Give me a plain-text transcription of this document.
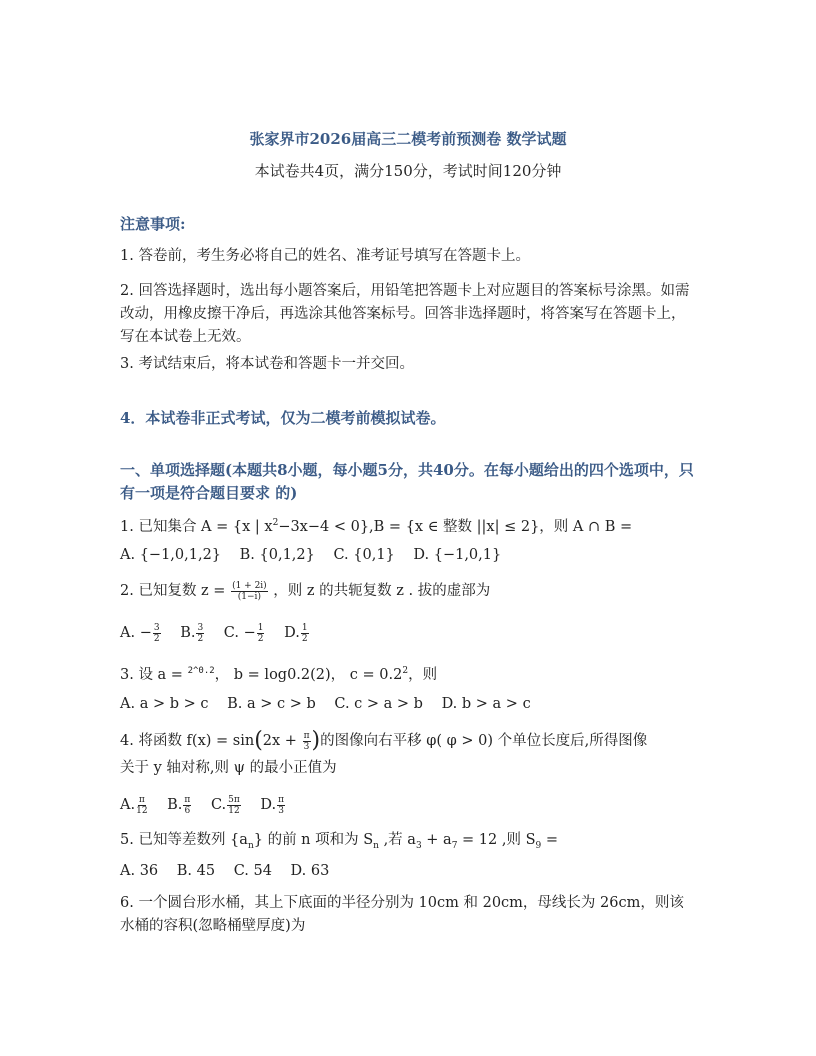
张家界市2026届高三二模考前预测卷 数学试题
本试卷共4页，满分150分，考试时间120分钟
注意事项:
1. 答卷前，考生务必将自己的姓名、准考证号填写在答题卡上。
2. 回答选择题时，选出每小题答案后，用铅笔把答题卡上对应题目的答案标号涂黑。如需改动，用橡皮擦干净后，再选涂其他答案标号。回答非选择题时，将答案写在答题卡上，写在本试卷上无效。
3. 考试结束后，将本试卷和答题卡一并交回。
4．本试卷非正式考试，仅为二模考前模拟试卷。
一、单项选择题(本题共8小题，每小题5分，共40分。在每小题给出的四个选项中，只有一项是符合题目要求 的)
1. 已知集合 A = {x | $x^2-3x-4 < 0\},B = \{x$ ∈ 整数 ||x| ≤ 2}，则 A ∩ B =
A. {−1,0,1,2} B. {0,1,2} C. {0,1} D. {−1,0,1}
2. 已知复数 $z = \frac{(1 + 2i)}{(1-i)}$ ，则 z 的共轭复数 z . 拔的虚部为
A. − $\frac{3}{2} B$. $\frac{3}{2} C$. − $\frac{1}{2} D$. $\frac{1}{2}$
3. 设 a = $^{2\^{}0.2}$， b = log0.2(2)， $c = 0.2^2$，则
A. a > b > c B. a > c > b C. c > a > b D. b > a > c
4. 将函数 $f(x) = \sin(2x + \frac{\pi}{3}$ )的图像向右平移 φ( φ > 0) 个单位长度后,所得图像
关于 y 轴对称,则 ψ 的最小正值为
A. $\frac{\pi}{12} B$. $\frac{\pi}{6} C$. $\frac{5\pi}{12} D$. $\frac{\pi}{3}$
5. 已知等差数列 $\{a_n\}$ 的前 n 项和为 $S_n$ ,若 $a_3 + a_7 = 12$ ,则 $S_9$ =
A. 36 B. 45 C. 54 D. 63
6. 一个圆台形水桶，其上下底面的半径分别为 10cm 和 20cm，母线长为 26cm，则该水桶的容积(忽略桶壁厚度)为
